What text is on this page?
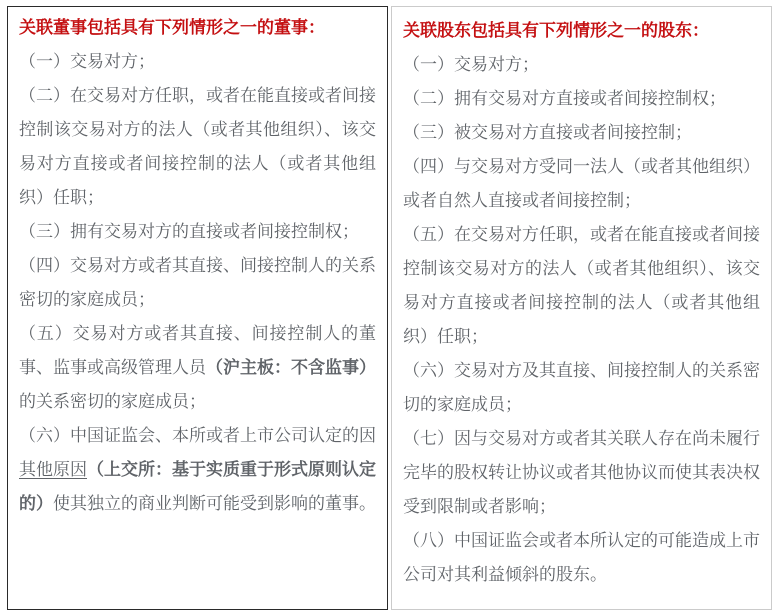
关联董事包括具有下列情形之一的董事：

（一）交易对方；

（二）在交易对方任职，或者在能直接或者间接控制该交易对方的法人（或者其他组织）、该交易对方直接或者间接控制的法人（或者其他组织）任职；

（三）拥有交易对方的直接或者间接控制权；

（四）交易对方或者其直接、间接控制人的关系密切的家庭成员；

（五）交易对方或者其直接、间接控制人的董事、监事或高级管理人员（沪主板：不含监事）的关系密切的家庭成员；

（六）中国证监会、本所或者上市公司认定的因其他原因（上交所：基于实质重于形式原则认定的）使其独立的商业判断可能受到影响的董事。

关联股东包括具有下列情形之一的股东：

（一）交易对方；

（二）拥有交易对方直接或者间接控制权；

（三）被交易对方直接或者间接控制；

（四）与交易对方受同一法人（或者其他组织）或者自然人直接或者间接控制；

（五）在交易对方任职，或者在能直接或者间接控制该交易对方的法人（或者其他组织）、该交易对方直接或者间接控制的法人（或者其他组织）任职；

（六）交易对方及其直接、间接控制人的关系密切的家庭成员；

（七）因与交易对方或者其关联人存在尚未履行完毕的股权转让协议或者其他协议而使其表决权受到限制或者影响；

（八）中国证监会或者本所认定的可能造成上市公司对其利益倾斜的股东。
